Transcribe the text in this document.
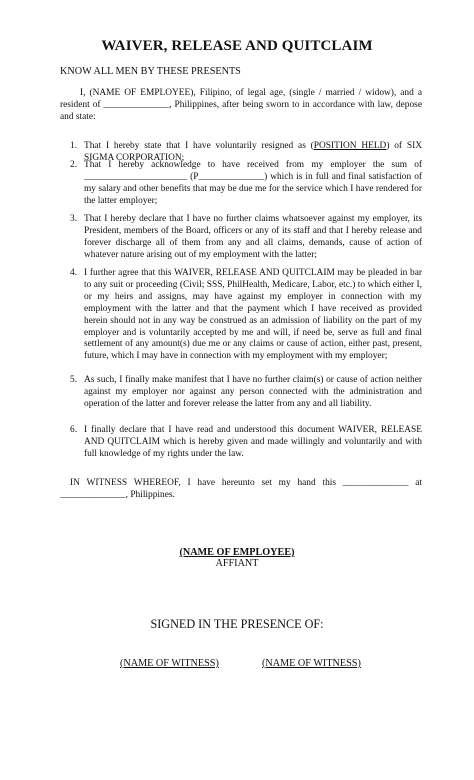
WAIVER, RELEASE AND QUITCLAIM
KNOW ALL MEN BY THESE PRESENTS

I, (NAME OF EMPLOYEE), Filipino, of legal age, (single / married / widow), and a resident of ______________, Philippines, after being sworn to in accordance with law, depose and state:

1. That I hereby state that I have voluntarily resigned as (POSITION HELD) of SIX SIGMA CORPORATION;
2. That I hereby acknowledge to have received from my employer the sum of ______________________ (P______________) which is in full and final satisfaction of my salary and other benefits that may be due me for the service which I have rendered for the latter employer;
3. That I hereby declare that I have no further claims whatsoever against my employer, its President, members of the Board, officers or any of its staff and that I hereby release and forever discharge all of them from any and all claims, demands, cause of action of whatever nature arising out of my employment with the latter;
4. I further agree that this WAIVER, RELEASE AND QUITCLAIM may be pleaded in bar to any suit or proceeding (Civil; SSS, PhilHealth, Medicare, Labor, etc.) to which either I, or my heirs and assigns, may have against my employer in connection with my employment with the latter and that the payment which I have received as provided herein should not in any way be construed as an admission of liability on the part of my employer and is voluntarily accepted by me and will, if need be, serve as full and final settlement of any amount(s) due me or any claims or cause of action, either past, present, future, which I may have in connection with my employment with my employer;
5. As such, I finally make manifest that I have no further claim(s) or cause of action neither against my employer nor against any person connected with the administration and operation of the latter and forever release the latter from any and all liability.
6. I finally declare that I have read and understood this document WAIVER, RELEASE AND QUITCLAIM which is hereby given and made willingly and voluntarily and with full knowledge of my rights under the law.

IN WITNESS WHEREOF, I have hereunto set my hand this ______________ at ______________, Philippines.

(NAME OF EMPLOYEE)
AFFIANT
SIGNED IN THE PRESENCE OF:
(NAME OF WITNESS)	(NAME OF WITNESS)
